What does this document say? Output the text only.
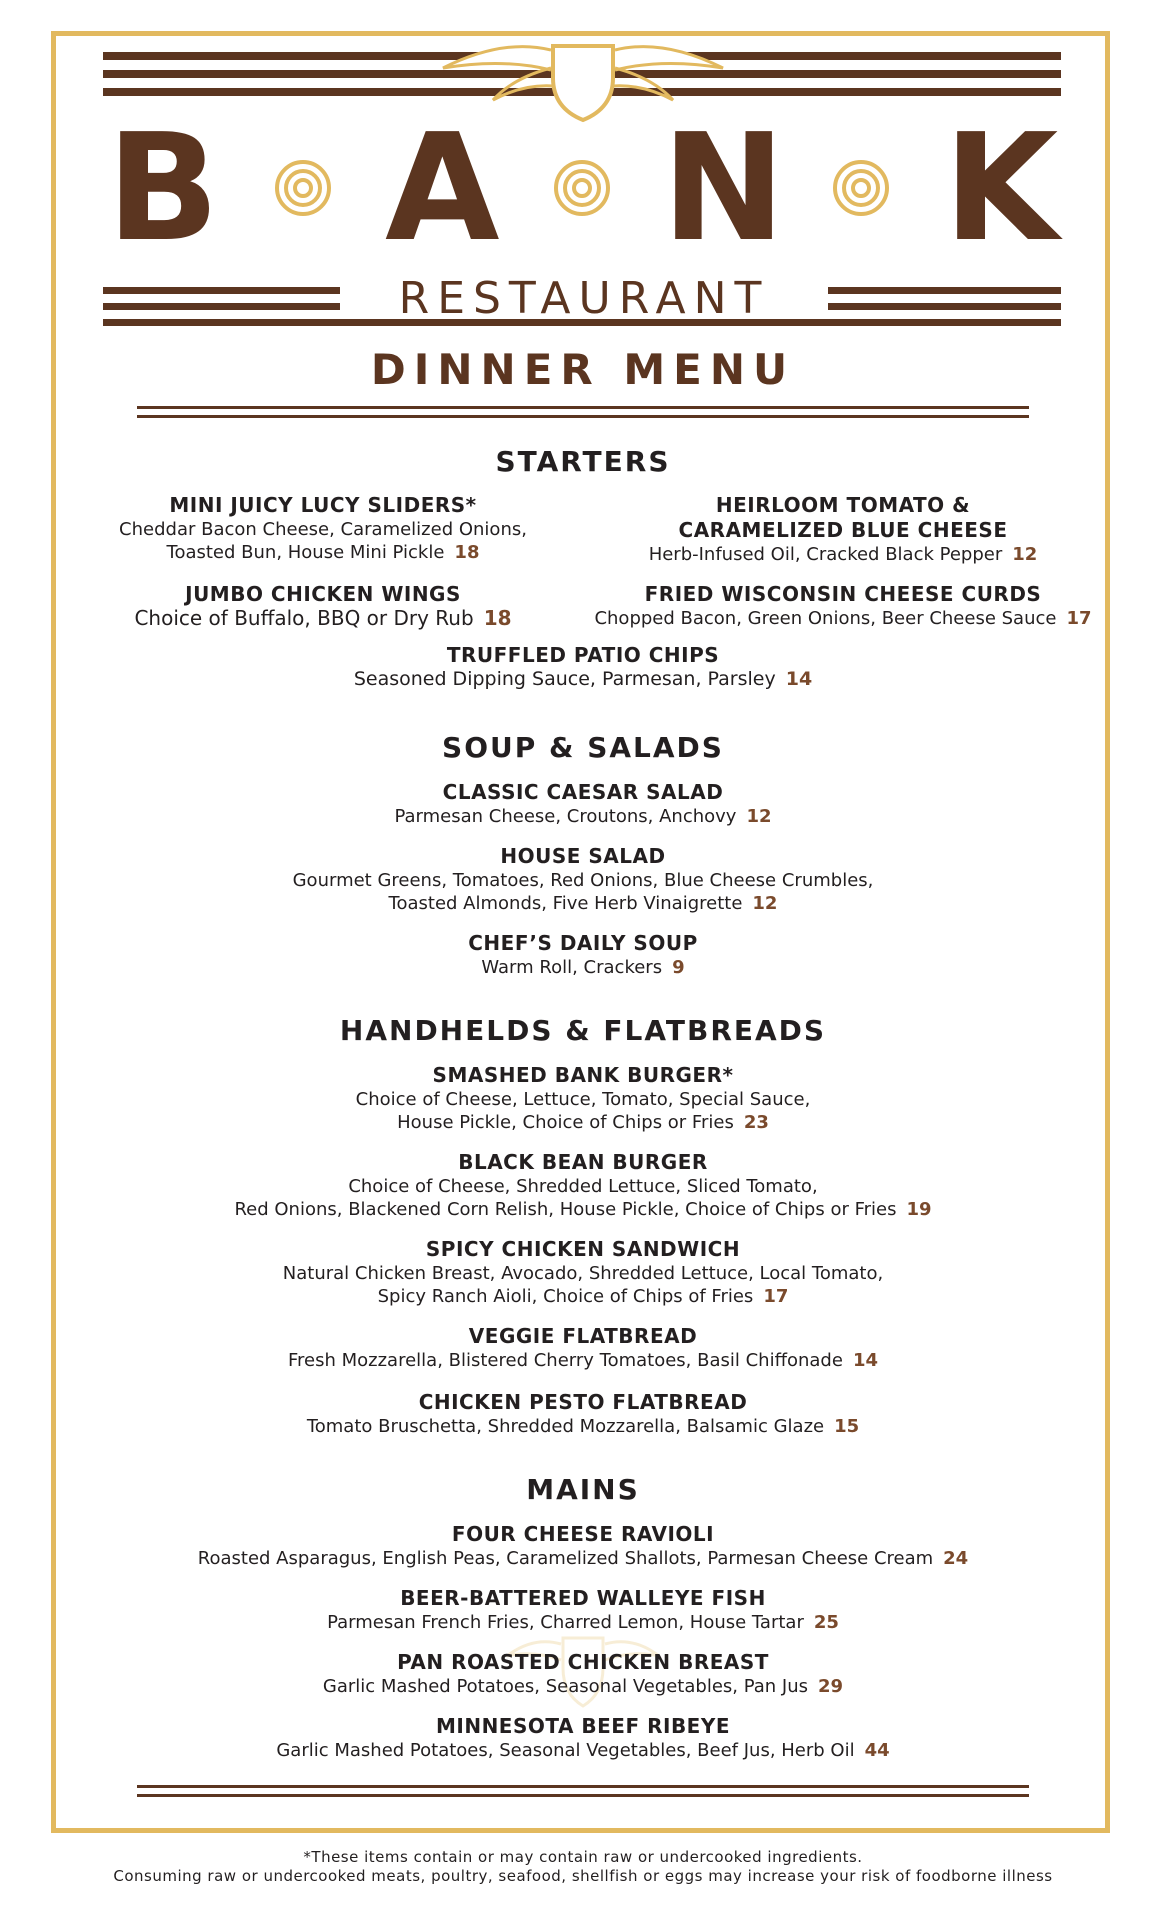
B A N K
RESTAURANT
DINNER MENU
STARTERS
MINI JUICY LUCY SLIDERS*
Cheddar Bacon Cheese, Caramelized Onions,
Toasted Bun, House Mini Pickle 18
HEIRLOOM TOMATO &
CARAMELIZED BLUE CHEESE
Herb-Infused Oil, Cracked Black Pepper 12
JUMBO CHICKEN WINGS
Choice of Buffalo, BBQ or Dry Rub 18
FRIED WISCONSIN CHEESE CURDS
Chopped Bacon, Green Onions, Beer Cheese Sauce 17
TRUFFLED PATIO CHIPS
Seasoned Dipping Sauce, Parmesan, Parsley 14
SOUP & SALADS
CLASSIC CAESAR SALAD
Parmesan Cheese, Croutons, Anchovy 12
HOUSE SALAD
Gourmet Greens, Tomatoes, Red Onions, Blue Cheese Crumbles,
Toasted Almonds, Five Herb Vinaigrette 12
CHEF’S DAILY SOUP
Warm Roll, Crackers 9
HANDHELDS & FLATBREADS
SMASHED BANK BURGER*
Choice of Cheese, Lettuce, Tomato, Special Sauce,
House Pickle, Choice of Chips or Fries 23
BLACK BEAN BURGER
Choice of Cheese, Shredded Lettuce, Sliced Tomato,
Red Onions, Blackened Corn Relish, House Pickle, Choice of Chips or Fries 19
SPICY CHICKEN SANDWICH
Natural Chicken Breast, Avocado, Shredded Lettuce, Local Tomato,
Spicy Ranch Aioli, Choice of Chips of Fries 17
VEGGIE FLATBREAD
Fresh Mozzarella, Blistered Cherry Tomatoes, Basil Chiffonade 14
CHICKEN PESTO FLATBREAD
Tomato Bruschetta, Shredded Mozzarella, Balsamic Glaze 15
MAINS
FOUR CHEESE RAVIOLI
Roasted Asparagus, English Peas, Caramelized Shallots, Parmesan Cheese Cream 24
BEER-BATTERED WALLEYE FISH
Parmesan French Fries, Charred Lemon, House Tartar 25
PAN ROASTED CHICKEN BREAST
Garlic Mashed Potatoes, Seasonal Vegetables, Pan Jus 29
MINNESOTA BEEF RIBEYE
Garlic Mashed Potatoes, Seasonal Vegetables, Beef Jus, Herb Oil 44
*These items contain or may contain raw or undercooked ingredients.
Consuming raw or undercooked meats, poultry, seafood, shellfish or eggs may increase your risk of foodborne illness
